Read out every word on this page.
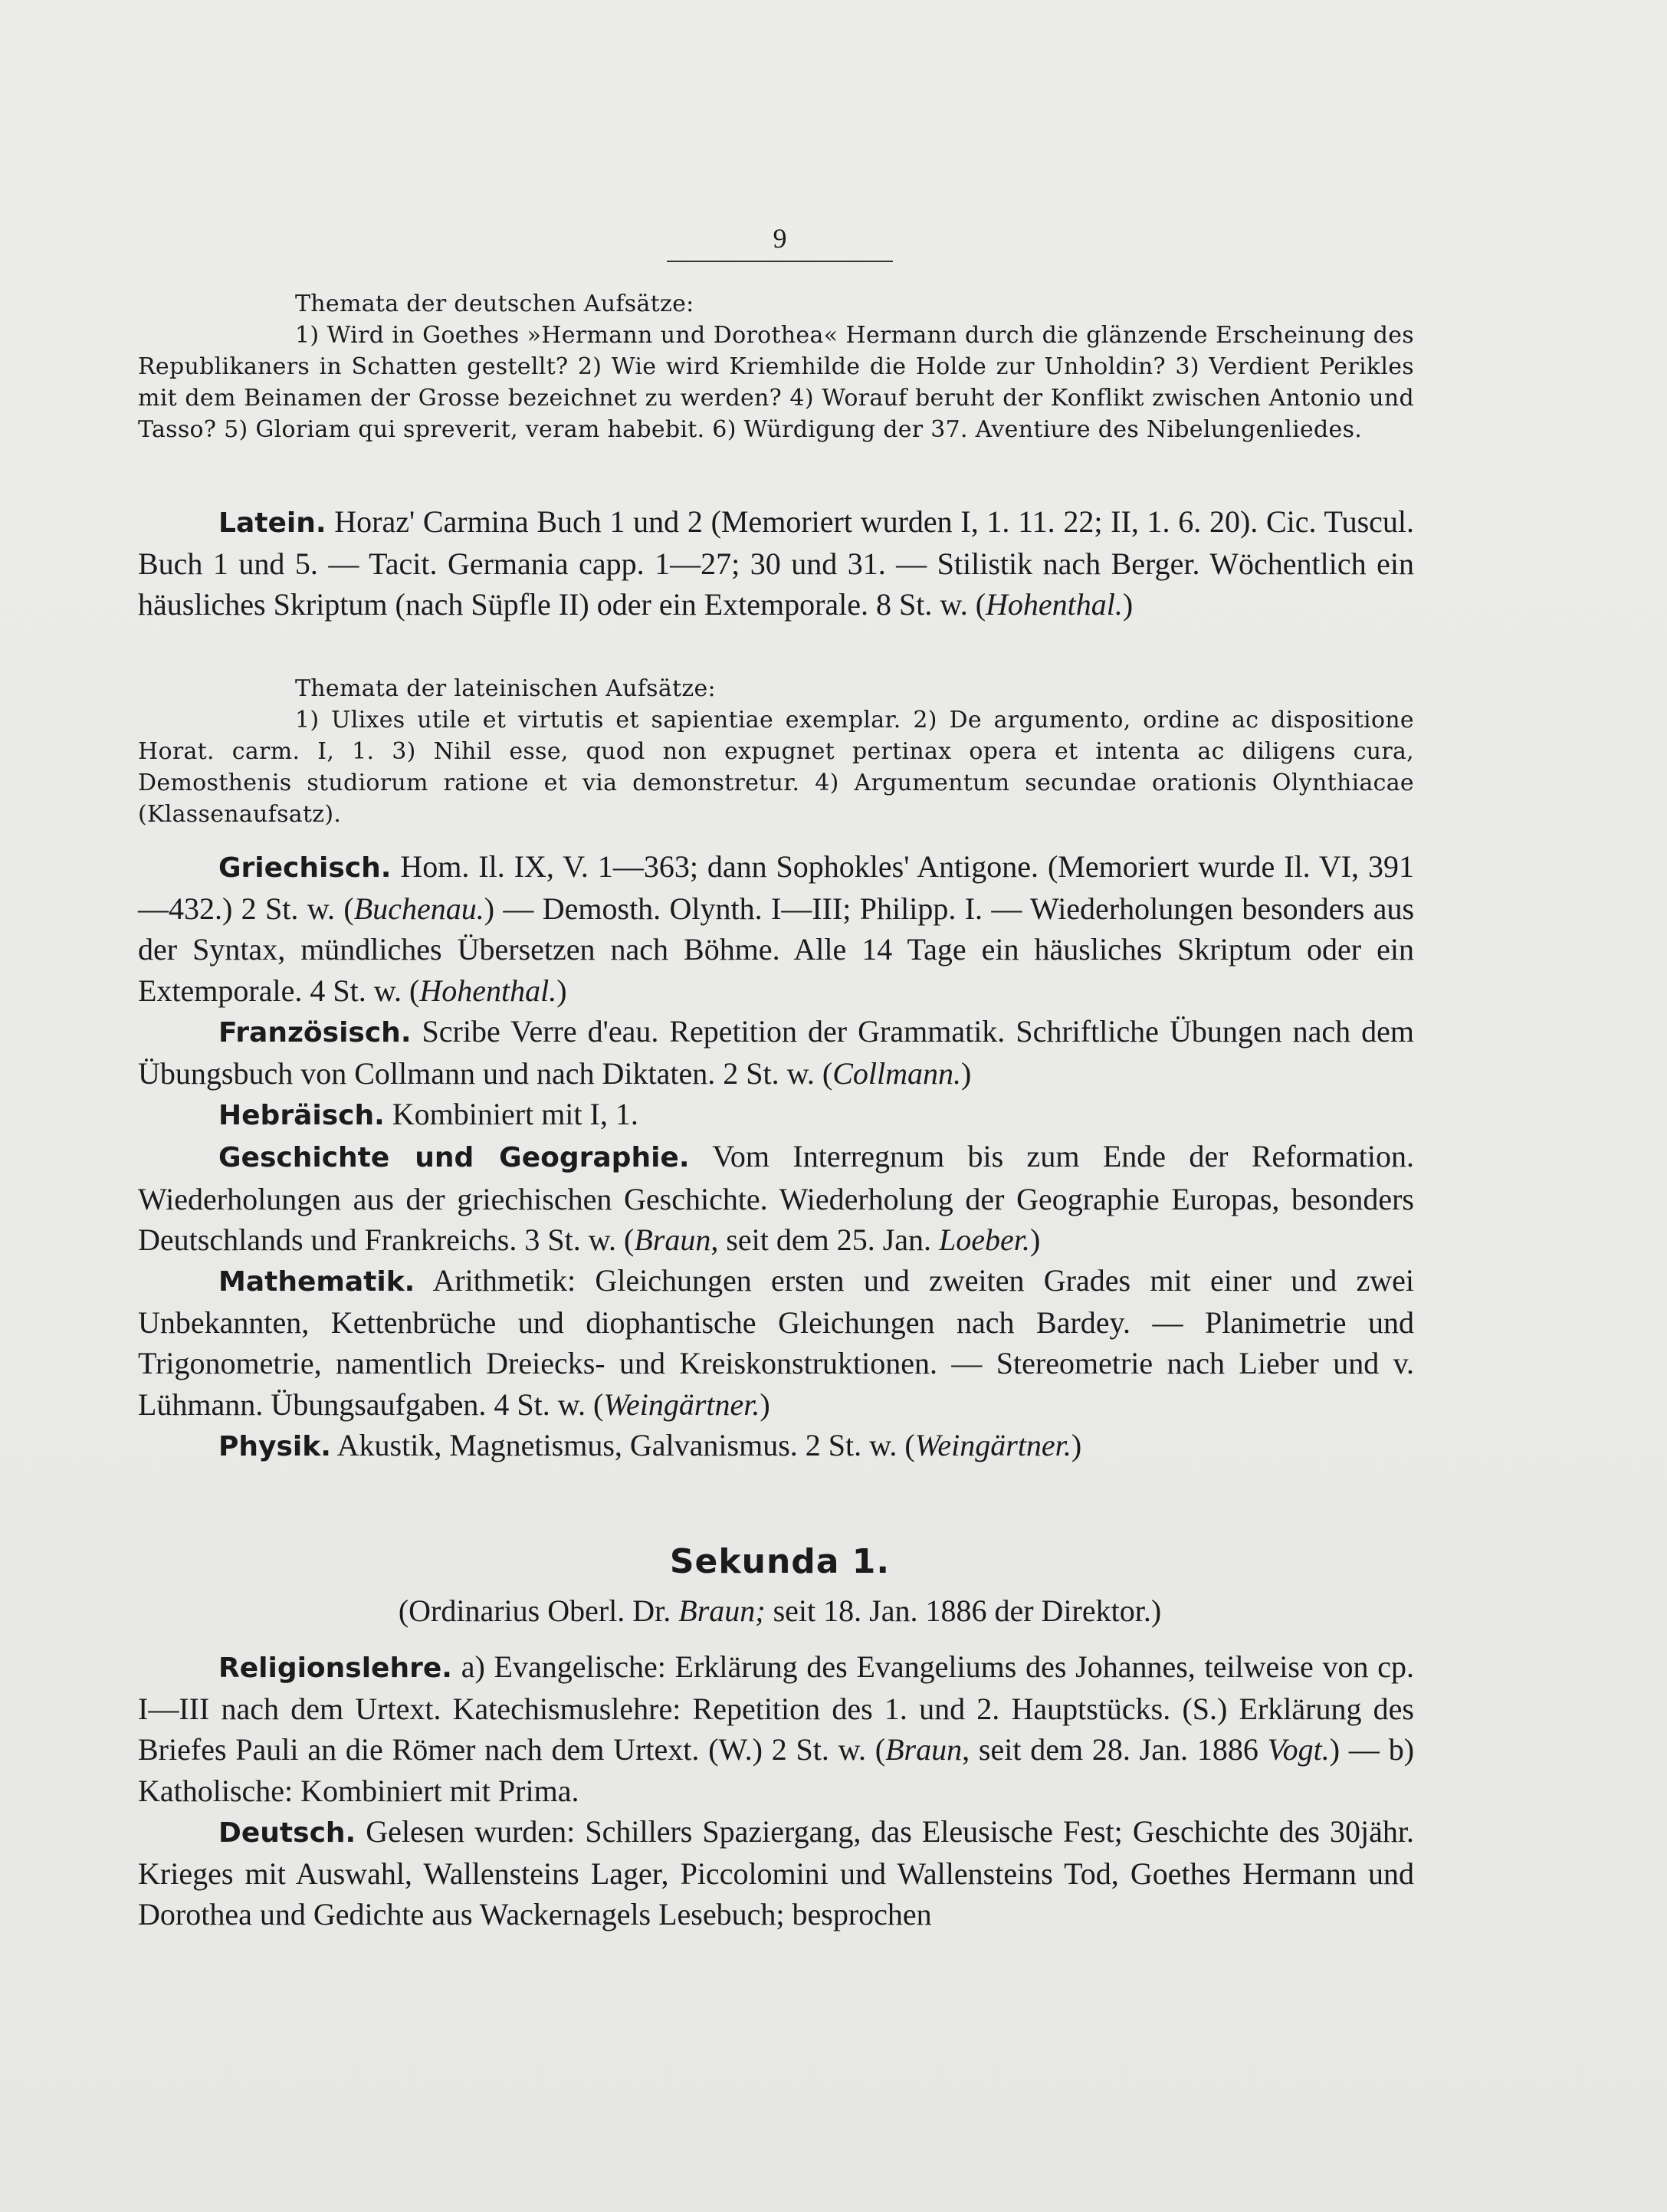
9

Themata der deutschen Aufsätze:

1) Wird in Goethes »Hermann und Dorothea« Hermann durch die glänzende Erscheinung des Republikaners in Schatten gestellt? 2) Wie wird Kriemhilde die Holde zur Unholdin? 3) Verdient Perikles mit dem Beinamen der Grosse bezeichnet zu werden? 4) Worauf beruht der Konflikt zwischen Antonio und Tasso? 5) Gloriam qui spreverit, veram habebit. 6) Würdigung der 37. Aventiure des Nibelungenliedes.

Latein. Horaz' Carmina Buch 1 und 2 (Memoriert wurden I, 1. 11. 22; II, 1. 6. 20). Cic. Tuscul. Buch 1 und 5. — Tacit. Germania capp. 1—27; 30 und 31. — Stilistik nach Berger. Wöchentlich ein häusliches Skriptum (nach Süpfle II) oder ein Extemporale. 8 St. w. (Hohenthal.)

Themata der lateinischen Aufsätze:

1) Ulixes utile et virtutis et sapientiae exemplar. 2) De argumento, ordine ac dispositione Horat. carm. I, 1. 3) Nihil esse, quod non expugnet pertinax opera et intenta ac diligens cura, Demosthenis studiorum ratione et via demonstretur. 4) Argumentum secundae orationis Olynthiacae (Klassenaufsatz).

Griechisch. Hom. Il. IX, V. 1—363; dann Sophokles' Antigone. (Memoriert wurde Il. VI, 391—432.) 2 St. w. (Buchenau.) — Demosth. Olynth. I—III; Philipp. I. — Wiederholungen besonders aus der Syntax, mündliches Übersetzen nach Böhme. Alle 14 Tage ein häusliches Skriptum oder ein Extemporale. 4 St. w. (Hohenthal.)

Französisch. Scribe Verre d'eau. Repetition der Grammatik. Schriftliche Übungen nach dem Übungsbuch von Collmann und nach Diktaten. 2 St. w. (Collmann.)

Hebräisch. Kombiniert mit I, 1.

Geschichte und Geographie. Vom Interregnum bis zum Ende der Reformation. Wiederholungen aus der griechischen Geschichte. Wiederholung der Geographie Europas, besonders Deutschlands und Frankreichs. 3 St. w. (Braun, seit dem 25. Jan. Loeber.)

Mathematik. Arithmetik: Gleichungen ersten und zweiten Grades mit einer und zwei Unbekannten, Kettenbrüche und diophantische Gleichungen nach Bardey. — Planimetrie und Trigonometrie, namentlich Dreiecks- und Kreiskonstruktionen. — Stereometrie nach Lieber und v. Lühmann. Übungsaufgaben. 4 St. w. (Weingärtner.)

Physik. Akustik, Magnetismus, Galvanismus. 2 St. w. (Weingärtner.)

Sekunda 1.
(Ordinarius Oberl. Dr. Braun; seit 18. Jan. 1886 der Direktor.)

Religionslehre. a) Evangelische: Erklärung des Evangeliums des Johannes, teilweise von cp. I—III nach dem Urtext. Katechismuslehre: Repetition des 1. und 2. Hauptstücks. (S.) Erklärung des Briefes Pauli an die Römer nach dem Urtext. (W.) 2 St. w. (Braun, seit dem 28. Jan. 1886 Vogt.) — b) Katholische: Kombiniert mit Prima.

Deutsch. Gelesen wurden: Schillers Spaziergang, das Eleusische Fest; Geschichte des 30jähr. Krieges mit Auswahl, Wallensteins Lager, Piccolomini und Wallensteins Tod, Goethes Hermann und Dorothea und Gedichte aus Wackernagels Lesebuch; besprochen
